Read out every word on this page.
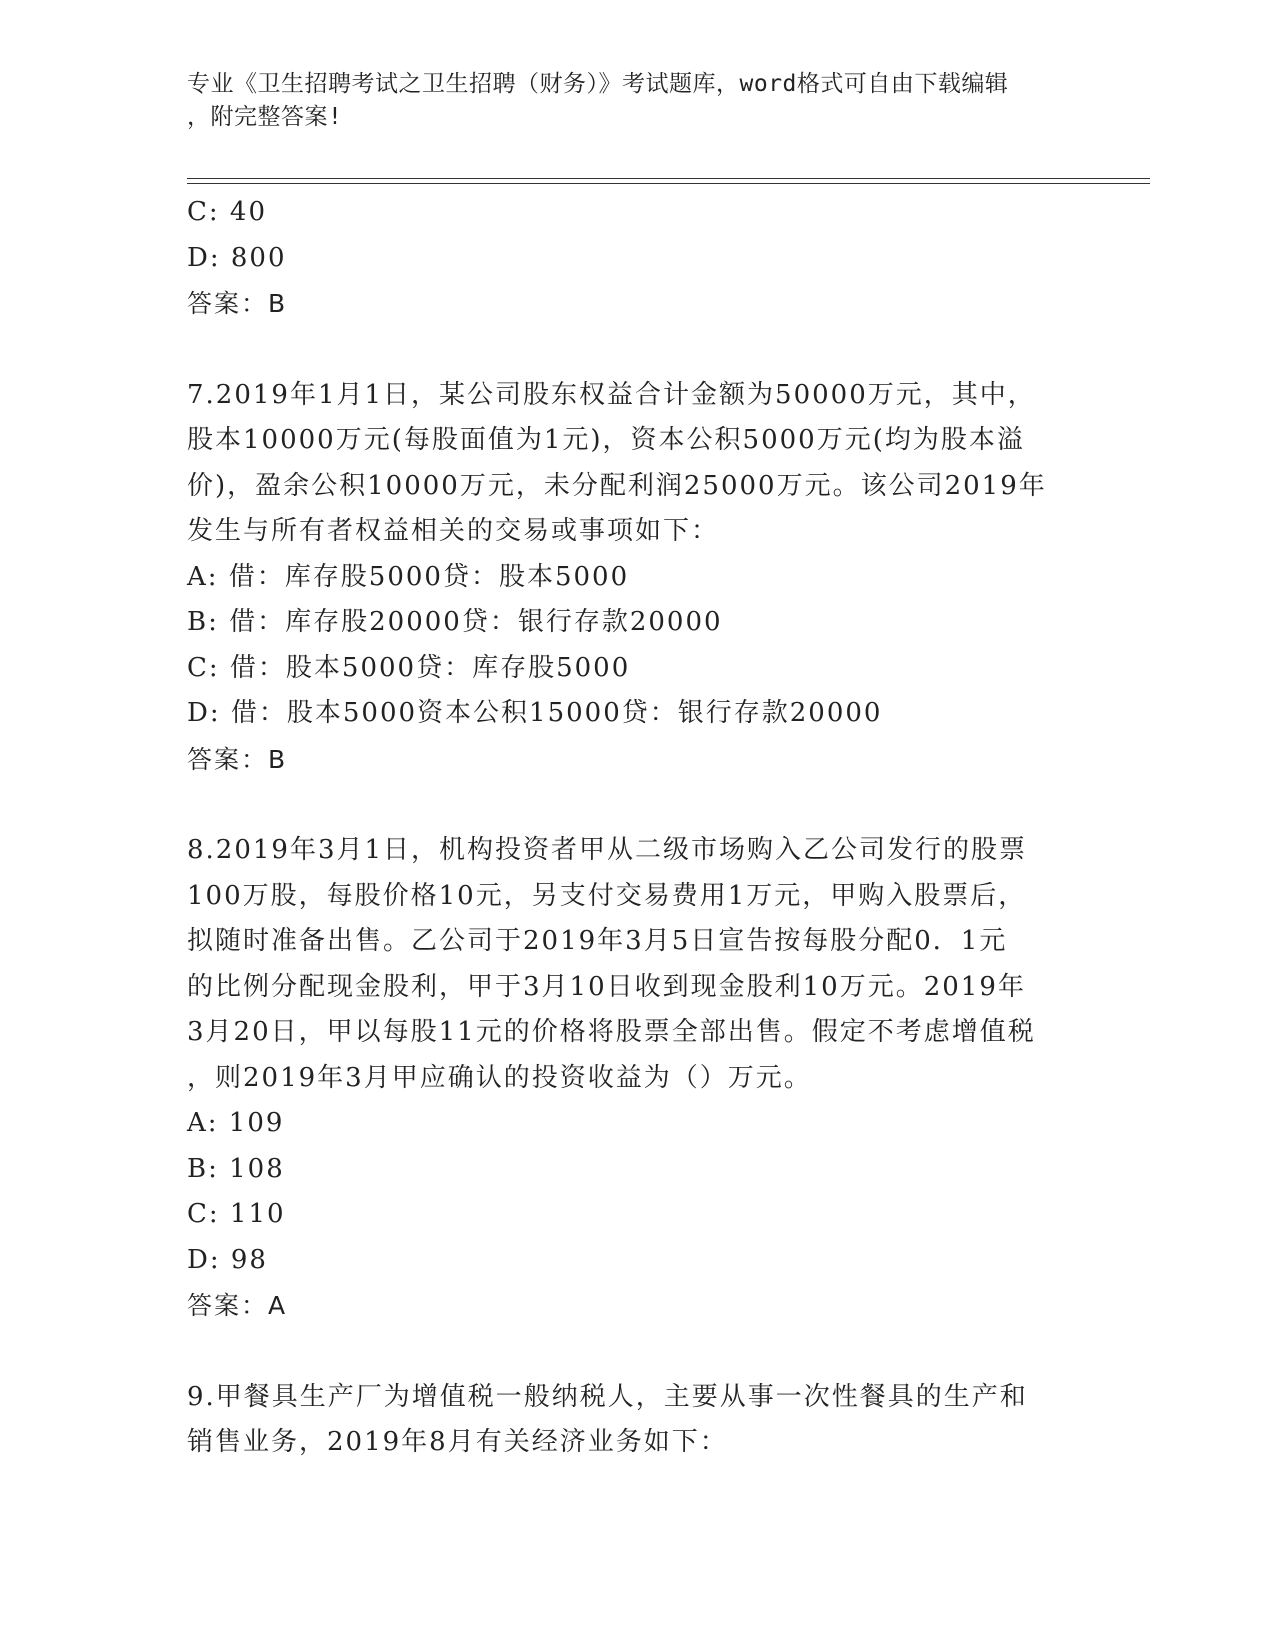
专业《卫生招聘考试之卫生招聘（财务）》考试题库，word格式可自由下载编辑
，附完整答案!
C: 40
D: 800
答案：B
7.2019年1月1日，某公司股东权益合计金额为50000万元，其中，
股本10000万元(每股面值为1元)，资本公积5000万元(均为股本溢
价)，盈余公积10000万元，未分配利润25000万元。该公司2019年
发生与所有者权益相关的交易或事项如下：
A: 借：库存股5000贷：股本5000
B: 借：库存股20000贷：银行存款20000
C: 借：股本5000贷：库存股5000
D: 借：股本5000资本公积15000贷：银行存款20000
答案：B
8.2019年3月1日，机构投资者甲从二级市场购入乙公司发行的股票
100万股，每股价格10元，另支付交易费用1万元，甲购入股票后，
拟随时准备出售。乙公司于2019年3月5日宣告按每股分配0．1元
的比例分配现金股利，甲于3月10日收到现金股利10万元。2019年
3月20日，甲以每股11元的价格将股票全部出售。假定不考虑增值税
，则2019年3月甲应确认的投资收益为（）万元。
A: 109
B: 108
C: 110
D: 98
答案：A
9.甲餐具生产厂为增值税一般纳税人，主要从事一次性餐具的生产和
销售业务，2019年8月有关经济业务如下：
